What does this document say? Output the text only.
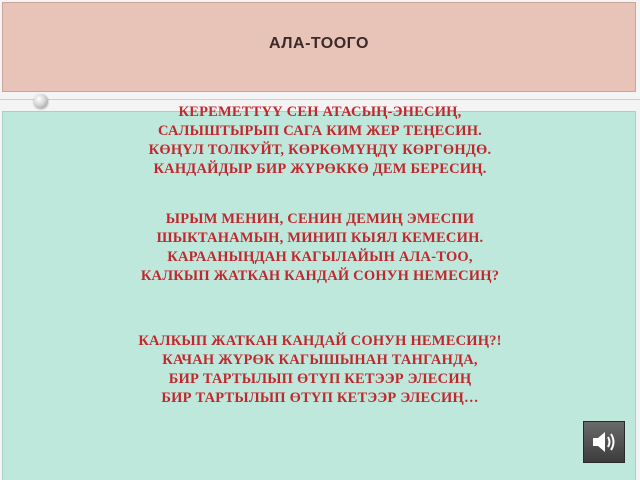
АЛА-ТООГО
КЕРЕМЕТТҮҮ СЕН АТАСЫҢ-ЭНЕСИҢ,
САЛЫШТЫРЫП САГА КИМ ЖЕР ТЕҢЕСИН.
КӨҢҮЛ ТОЛКУЙТ, КӨРКӨМҮҢДҮ КӨРГӨНДӨ.
КАНДАЙДЫР БИР ЖҮРӨККӨ ДЕМ БЕРЕСИҢ.
ЫРЫМ МЕНИН, СЕНИН ДЕМИҢ ЭМЕСПИ
ШЫКТАНАМЫН, МИНИП КЫЯЛ КЕМЕСИН.
КАРААНЫҢДАН КАГЫЛАЙЫН АЛА-ТОО,
КАЛКЫП ЖАТКАН КАНДАЙ СОНУН НЕМЕСИҢ?
КАЛКЫП ЖАТКАН КАНДАЙ СОНУН НЕМЕСИҢ?!
КАЧАН ЖҮРӨК КАГЫШЫНАН ТАНГАНДА,
БИР ТАРТЫЛЫП ӨТҮП КЕТЭЭР ЭЛЕСИҢ
БИР ТАРТЫЛЫП ӨТҮП КЕТЭЭР ЭЛЕСИҢ…
